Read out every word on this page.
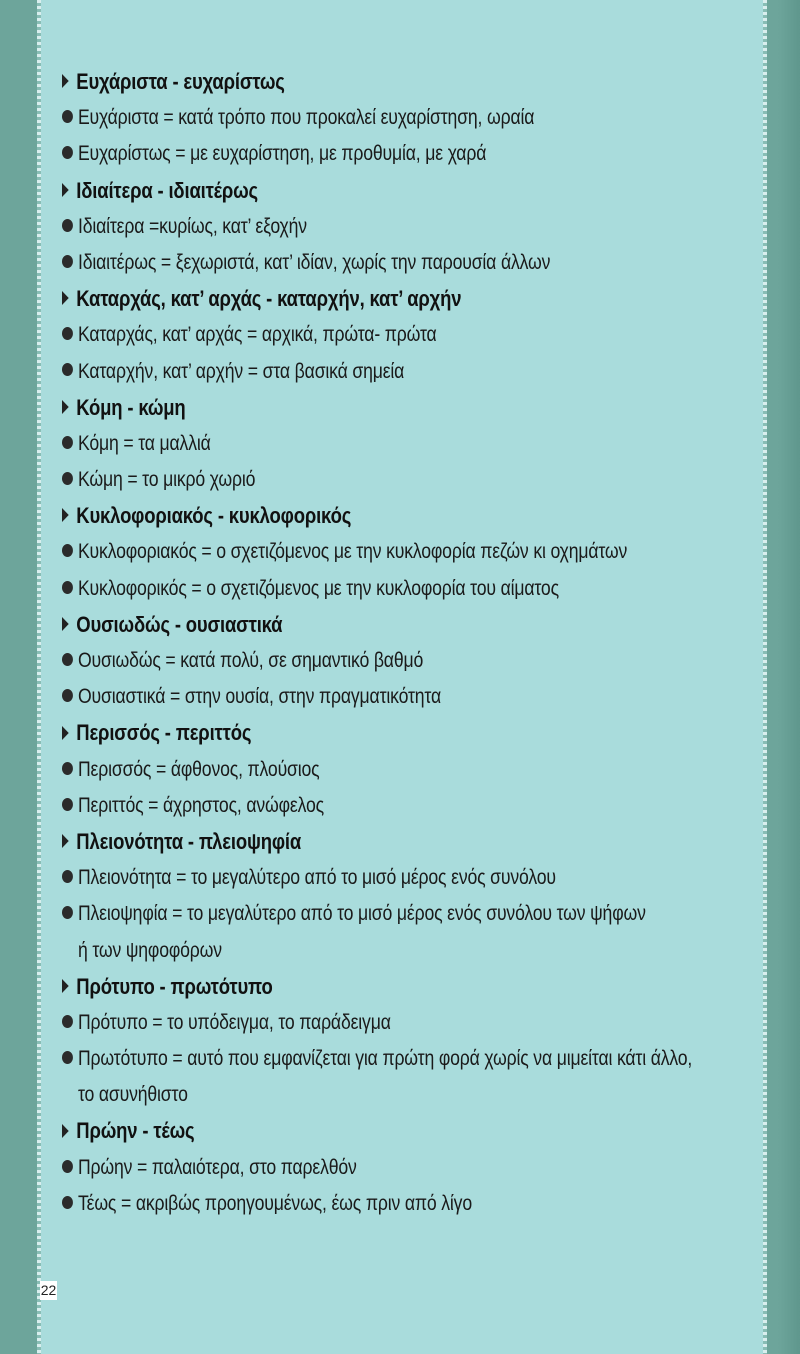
Ευχάριστα - ευχαρίστως
Ευχάριστα = κατά τρόπο που προκαλεί ευχαρίστηση, ωραία
Ευχαρίστως = με ευχαρίστηση, με προθυμία, με χαρά
Ιδιαίτερα - ιδιαιτέρως
Ιδιαίτερα =κυρίως, κατ’ εξοχήν
Ιδιαιτέρως = ξεχωριστά, κατ’ ιδίαν, χωρίς την παρουσία άλλων
Καταρχάς, κατ’ αρχάς - καταρχήν, κατ’ αρχήν
Καταρχάς, κατ’ αρχάς = αρχικά, πρώτα- πρώτα
Καταρχήν, κατ’ αρχήν = στα βασικά σημεία
Κόμη - κώμη
Κόμη = τα μαλλιά
Κώμη = το μικρό χωριό
Κυκλοφοριακός - κυκλοφορικός
Κυκλοφοριακός = ο σχετιζόμενος με την κυκλοφορία πεζών κι οχημάτων
Κυκλοφορικός = ο σχετιζόμενος με την κυκλοφορία του αίματος
Ουσιωδώς - ουσιαστικά
Ουσιωδώς = κατά πολύ, σε σημαντικό βαθμό
Ουσιαστικά = στην ουσία, στην πραγματικότητα
Περισσός - περιττός
Περισσός = άφθονος, πλούσιος
Περιττός = άχρηστος, ανώφελος
Πλειονότητα - πλειοψηφία
Πλειονότητα = το μεγαλύτερο από το μισό μέρος ενός συνόλου
Πλειοψηφία = το μεγαλύτερο από το μισό μέρος ενός συνόλου των ψήφων
ή των ψηφοφόρων
Πρότυπο - πρωτότυπο
Πρότυπο = το υπόδειγμα, το παράδειγμα
Πρωτότυπο = αυτό που εμφανίζεται για πρώτη φορά χωρίς να μιμείται κάτι άλλο,
το ασυνήθιστο
Πρώην - τέως
Πρώην = παλαιότερα, στο παρελθόν
Τέως = ακριβώς προηγουμένως, έως πριν από λίγο
22
